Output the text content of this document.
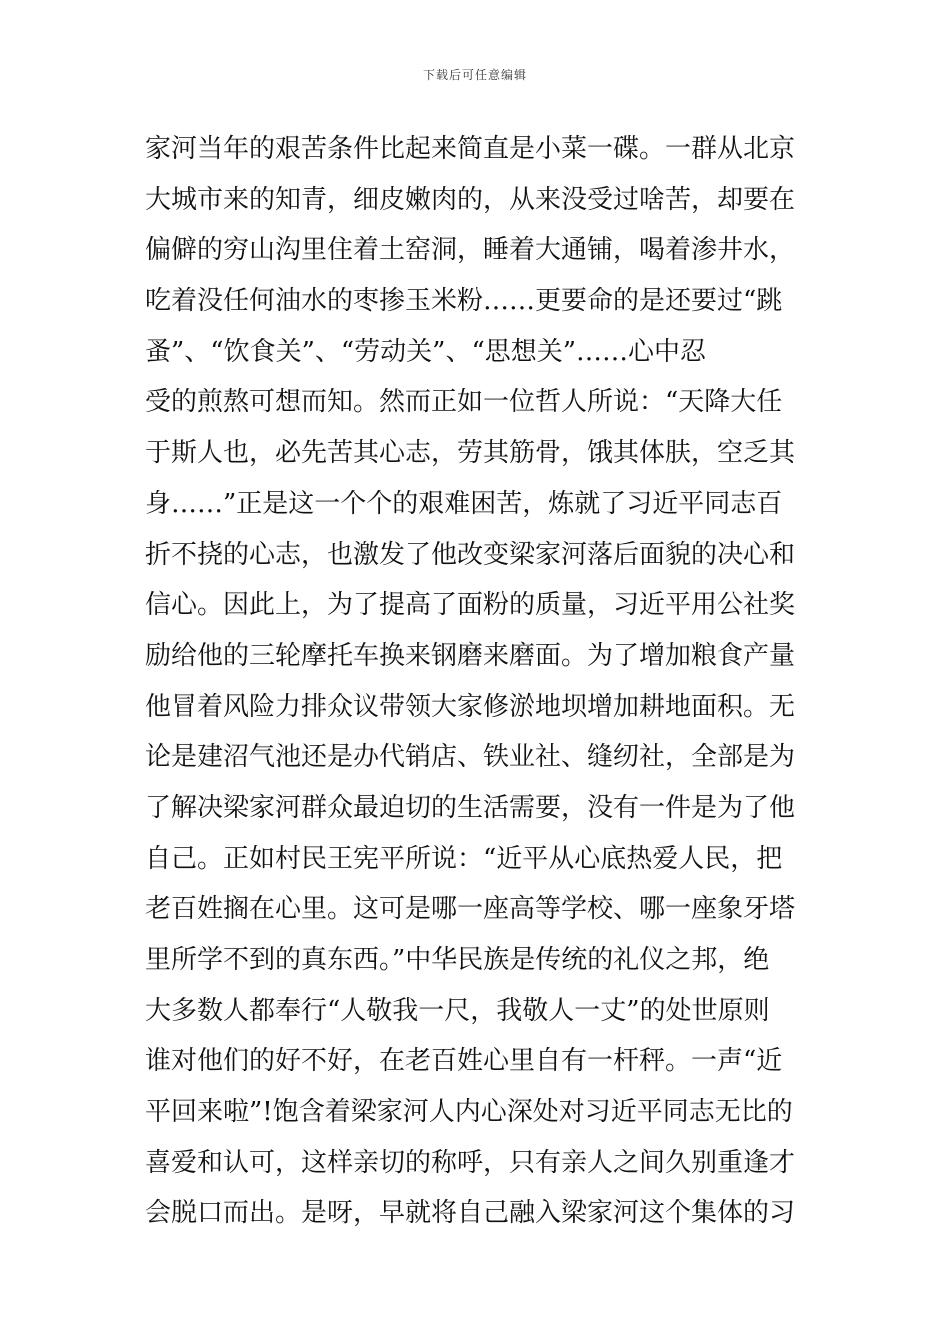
下载后可任意编辑
家河当年的艰苦条件比起来简直是小菜一碟。一群从北京
大城市来的知青，细皮嫩肉的，从来没受过啥苦，却要在
偏僻的穷山沟里住着土窑洞，睡着大通铺，喝着渗井水，
吃着没任何油水的枣掺玉米粉……更要命的是还要过“跳
蚤”、“饮食关”、“劳动关”、“思想关”……心中忍
受的煎熬可想而知。然而正如一位哲人所说：“天降大任
于斯人也，必先苦其心志，劳其筋骨，饿其体肤，空乏其
身……”正是这一个个的艰难困苦，炼就了习近平同志百
折不挠的心志，也激发了他改变梁家河落后面貌的决心和
信心。因此上，为了提高了面粉的质量，习近平用公社奖
励给他的三轮摩托车换来钢磨来磨面。为了增加粮食产量
他冒着风险力排众议带领大家修淤地坝增加耕地面积。无
论是建沼气池还是办代销店、铁业社、缝纫社，全部是为
了解决梁家河群众最迫切的生活需要，没有一件是为了他
自己。正如村民王宪平所说：“近平从心底热爱人民，把
老百姓搁在心里。这可是哪一座高等学校、哪一座象牙塔
里所学不到的真东西。”中华民族是传统的礼仪之邦，绝
大多数人都奉行“人敬我一尺，我敬人一丈”的处世原则
谁对他们的好不好，在老百姓心里自有一杆秤。一声“近
平回来啦”!饱含着梁家河人内心深处对习近平同志无比的
喜爱和认可，这样亲切的称呼，只有亲人之间久别重逢才
会脱口而出。是呀，早就将自己融入梁家河这个集体的习
